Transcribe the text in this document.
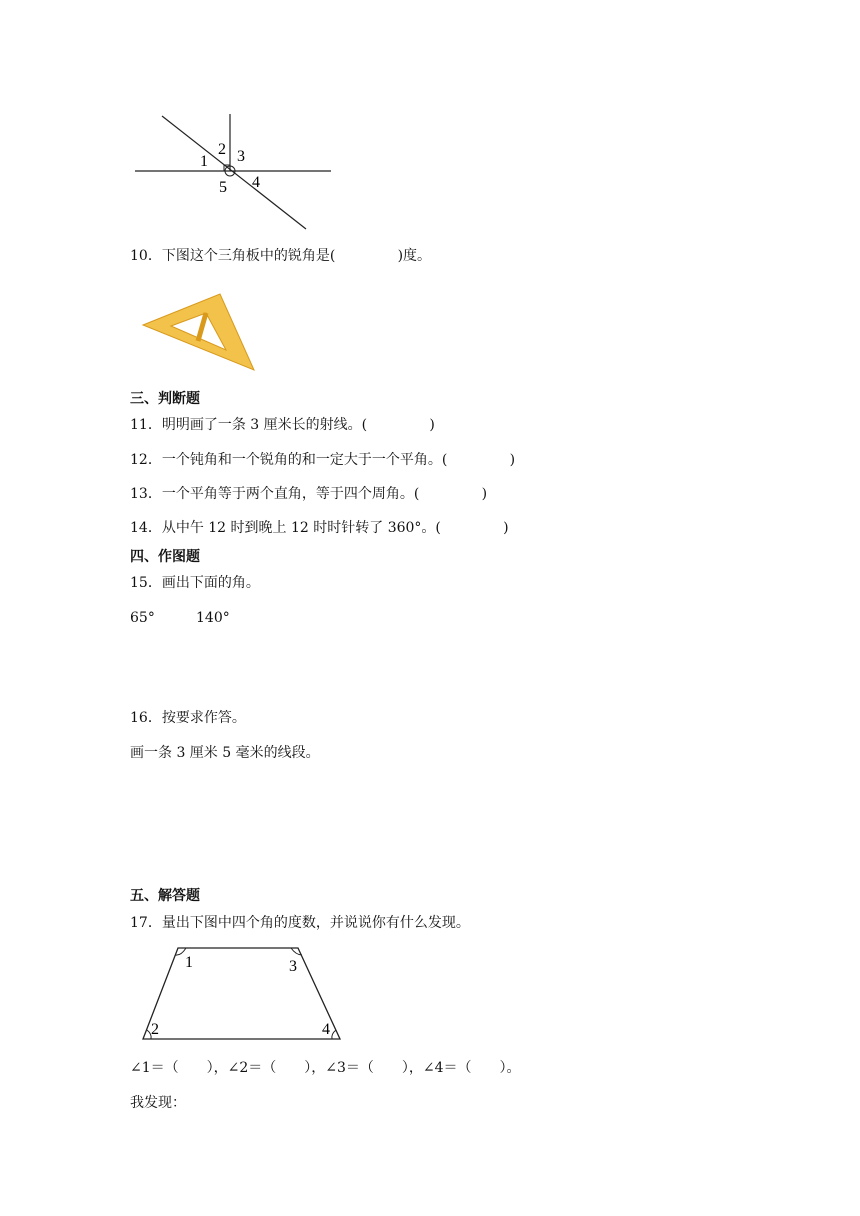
1
2 3
4
5
10．下图这个三角板中的锐角是(              )度。
三、判断题
11．明明画了一条 3 厘米长的射线。(              )
12．一个钝角和一个锐角的和一定大于一个平角。(              )
13．一个平角等于两个直角，等于四个周角。(              )
14．从中午 12 时到晚上 12 时时针转了 360°。(              )
四、作图题
15．画出下面的角。
65°	140°
16．按要求作答。
画一条 3 厘米 5 毫米的线段。
五、解答题
17．量出下图中四个角的度数，并说说你有什么发现。
1
2
3
4
∠1＝（　　），∠2＝（　　），∠3＝（　　），∠4＝（　　）。
我发现：
